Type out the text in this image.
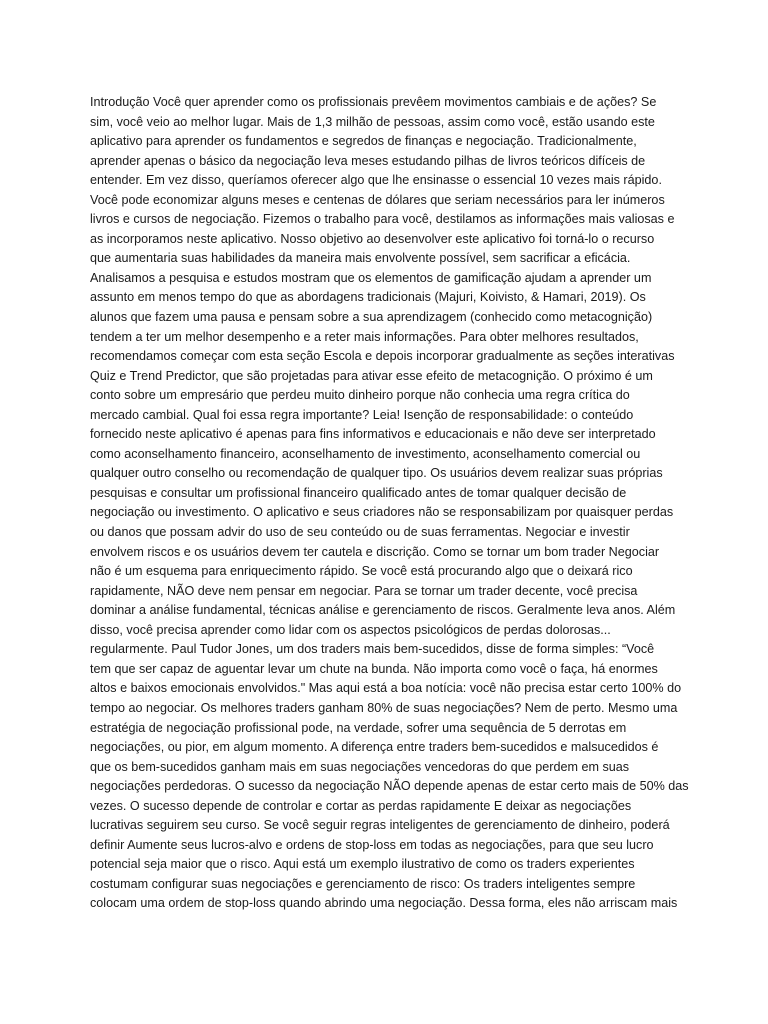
Introdução Você quer aprender como os profissionais prevêem movimentos cambiais e de ações? Se
sim, você veio ao melhor lugar. Mais de 1,3 milhão de pessoas, assim como você, estão usando este
aplicativo para aprender os fundamentos e segredos de finanças e negociação. Tradicionalmente,
aprender apenas o básico da negociação leva meses estudando pilhas de livros teóricos difíceis de
entender. Em vez disso, queríamos oferecer algo que lhe ensinasse o essencial 10 vezes mais rápido.
Você pode economizar alguns meses e centenas de dólares que seriam necessários para ler inúmeros
livros e cursos de negociação. Fizemos o trabalho para você, destilamos as informações mais valiosas e
as incorporamos neste aplicativo. Nosso objetivo ao desenvolver este aplicativo foi torná-lo o recurso
que aumentaria suas habilidades da maneira mais envolvente possível, sem sacrificar a eficácia.
Analisamos a pesquisa e estudos mostram que os elementos de gamificação ajudam a aprender um
assunto em menos tempo do que as abordagens tradicionais (Majuri, Koivisto, & Hamari, 2019). Os
alunos que fazem uma pausa e pensam sobre a sua aprendizagem (conhecido como metacognição)
tendem a ter um melhor desempenho e a reter mais informações. Para obter melhores resultados,
recomendamos começar com esta seção Escola e depois incorporar gradualmente as seções interativas
Quiz e Trend Predictor, que são projetadas para ativar esse efeito de metacognição. O próximo é um
conto sobre um empresário que perdeu muito dinheiro porque não conhecia uma regra crítica do
mercado cambial. Qual foi essa regra importante? Leia! Isenção de responsabilidade: o conteúdo
fornecido neste aplicativo é apenas para fins informativos e educacionais e não deve ser interpretado
como aconselhamento financeiro, aconselhamento de investimento, aconselhamento comercial ou
qualquer outro conselho ou recomendação de qualquer tipo. Os usuários devem realizar suas próprias
pesquisas e consultar um profissional financeiro qualificado antes de tomar qualquer decisão de
negociação ou investimento. O aplicativo e seus criadores não se responsabilizam por quaisquer perdas
ou danos que possam advir do uso de seu conteúdo ou de suas ferramentas. Negociar e investir
envolvem riscos e os usuários devem ter cautela e discrição. Como se tornar um bom trader Negociar
não é um esquema para enriquecimento rápido. Se você está procurando algo que o deixará rico
rapidamente, NÃO deve nem pensar em negociar. Para se tornar um trader decente, você precisa
dominar a análise fundamental, técnicas análise e gerenciamento de riscos. Geralmente leva anos. Além
disso, você precisa aprender como lidar com os aspectos psicológicos de perdas dolorosas...
regularmente. Paul Tudor Jones, um dos traders mais bem-sucedidos, disse de forma simples: “Você
tem que ser capaz de aguentar levar um chute na bunda. Não importa como você o faça, há enormes
altos e baixos emocionais envolvidos." Mas aqui está a boa notícia: você não precisa estar certo 100% do
tempo ao negociar. Os melhores traders ganham 80% de suas negociações? Nem de perto. Mesmo uma
estratégia de negociação profissional pode, na verdade, sofrer uma sequência de 5 derrotas em
negociações, ou pior, em algum momento. A diferença entre traders bem-sucedidos e malsucedidos é
que os bem-sucedidos ganham mais em suas negociações vencedoras do que perdem em suas
negociações perdedoras. O sucesso da negociação NÃO depende apenas de estar certo mais de 50% das
vezes. O sucesso depende de controlar e cortar as perdas rapidamente E deixar as negociações
lucrativas seguirem seu curso. Se você seguir regras inteligentes de gerenciamento de dinheiro, poderá
definir Aumente seus lucros-alvo e ordens de stop-loss em todas as negociações, para que seu lucro
potencial seja maior que o risco. Aqui está um exemplo ilustrativo de como os traders experientes
costumam configurar suas negociações e gerenciamento de risco: Os traders inteligentes sempre
colocam uma ordem de stop-loss quando abrindo uma negociação. Dessa forma, eles não arriscam mais
